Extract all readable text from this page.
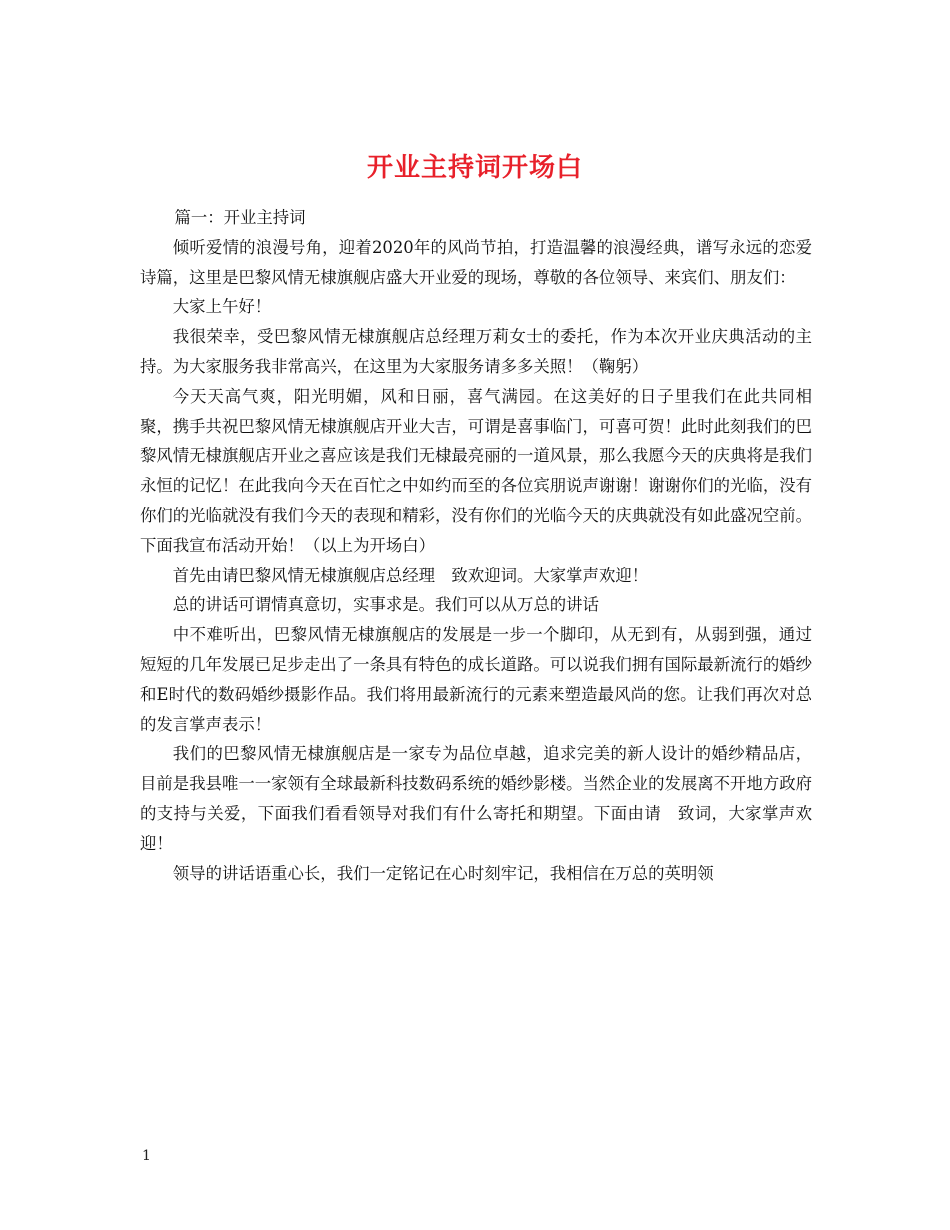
开业主持词开场白

篇一：开业主持词

倾听爱情的浪漫号角，迎着2020年的风尚节拍，打造温馨的浪漫经典，谱写永远的恋爱诗篇，这里是巴黎风情无棣旗舰店盛大开业爱的现场，尊敬的各位领导、来宾们、朋友们：

大家上午好！

我很荣幸，受巴黎风情无棣旗舰店总经理万莉女士的委托，作为本次开业庆典活动的主持。为大家服务我非常高兴，在这里为大家服务请多多关照！（鞠躬）

今天天高气爽，阳光明媚，风和日丽，喜气满园。在这美好的日子里我们在此共同相聚，携手共祝巴黎风情无棣旗舰店开业大吉，可谓是喜事临门，可喜可贺！此时此刻我们的巴黎风情无棣旗舰店开业之喜应该是我们无棣最亮丽的一道风景，那么我愿今天的庆典将是我们永恒的记忆！在此我向今天在百忙之中如约而至的各位宾朋说声谢谢！谢谢你们的光临，没有你们的光临就没有我们今天的表现和精彩，没有你们的光临今天的庆典就没有如此盛况空前。下面我宣布活动开始！（以上为开场白）

首先由请巴黎风情无棣旗舰店总经理　致欢迎词。大家掌声欢迎！

总的讲话可谓情真意切，实事求是。我们可以从万总的讲话

中不难听出，巴黎风情无棣旗舰店的发展是一步一个脚印，从无到有，从弱到强，通过短短的几年发展已足步走出了一条具有特色的成长道路。可以说我们拥有国际最新流行的婚纱和E时代的数码婚纱摄影作品。我们将用最新流行的元素来塑造最风尚的您。让我们再次对总的发言掌声表示！

我们的巴黎风情无棣旗舰店是一家专为品位卓越，追求完美的新人设计的婚纱精品店，目前是我县唯一一家领有全球最新科技数码系统的婚纱影楼。当然企业的发展离不开地方政府的支持与关爱，下面我们看看领导对我们有什么寄托和期望。下面由请　致词，大家掌声欢迎！

领导的讲话语重心长，我们一定铭记在心时刻牢记，我相信在万总的英明领

1
